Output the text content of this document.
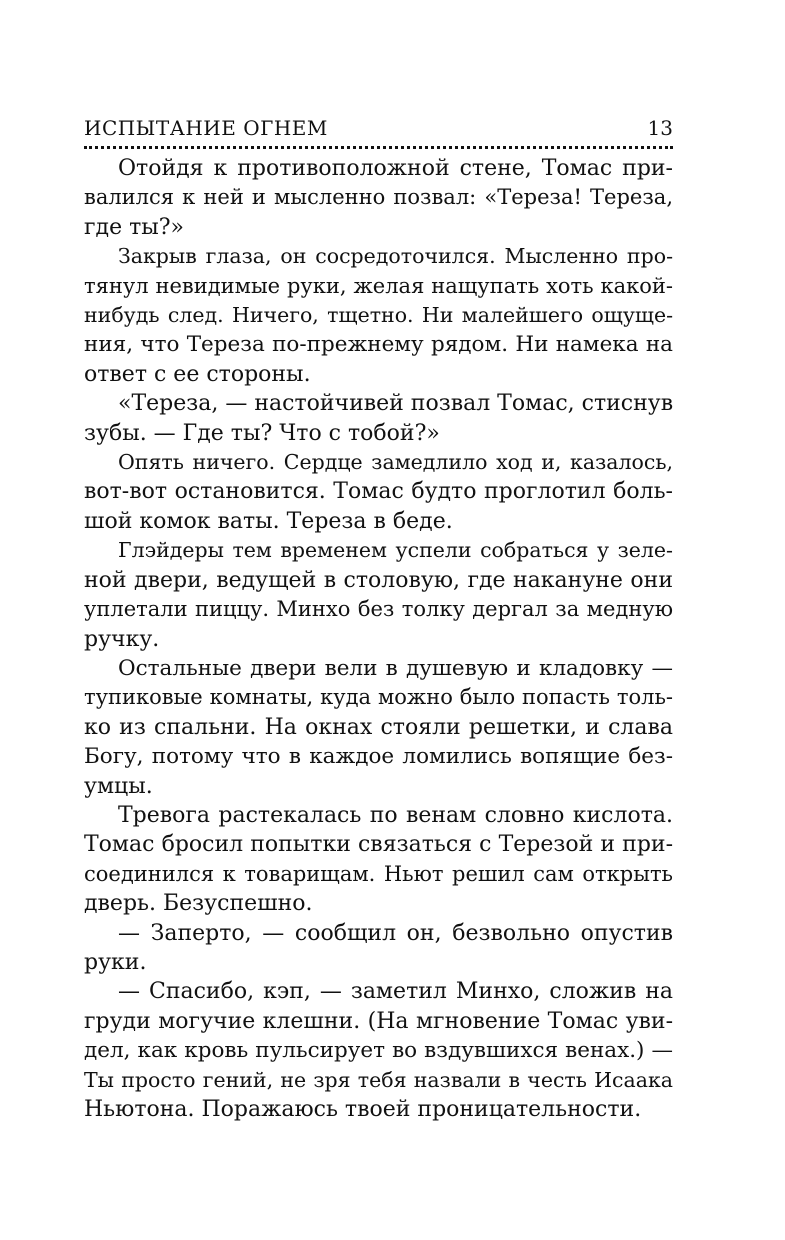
ИСПЫТАНИЕ ОГНЕМ	13
Отойдя к противоположной стене, Томас при-
валился к ней и мысленно позвал: «Тереза! Тереза,
где ты?»
Закрыв глаза, он сосредоточился. Мысленно про-
тянул невидимые руки, желая нащупать хоть какой-
нибудь след. Ничего, тщетно. Ни малейшего ощуще-
ния, что Тереза по-прежнему рядом. Ни намека на
ответ с ее стороны.
«Тереза, — настойчивей позвал Томас, стиснув
зубы. — Где ты? Что с тобой?»
Опять ничего. Сердце замедлило ход и, казалось,
вот-вот остановится. Томас будто проглотил боль-
шой комок ваты. Тереза в беде.
Глэйдеры тем временем успели собраться у зеле-
ной двери, ведущей в столовую, где накануне они
уплетали пиццу. Минхо без толку дергал за медную
ручку.
Остальные двери вели в душевую и кладовку —
тупиковые комнаты, куда можно было попасть толь-
ко из спальни. На окнах стояли решетки, и слава
Богу, потому что в каждое ломились вопящие без-
умцы.
Тревога растекалась по венам словно кислота.
Томас бросил попытки связаться с Терезой и при-
соединился к товарищам. Ньют решил сам открыть
дверь. Безуспешно.
— Заперто, — сообщил он, безвольно опустив
руки.
— Спасибо, кэп, — заметил Минхо, сложив на
груди могучие клешни. (На мгновение Томас уви-
дел, как кровь пульсирует во вздувшихся венах.) —
Ты просто гений, не зря тебя назвали в честь Исаака
Ньютона. Поражаюсь твоей проницательности.
